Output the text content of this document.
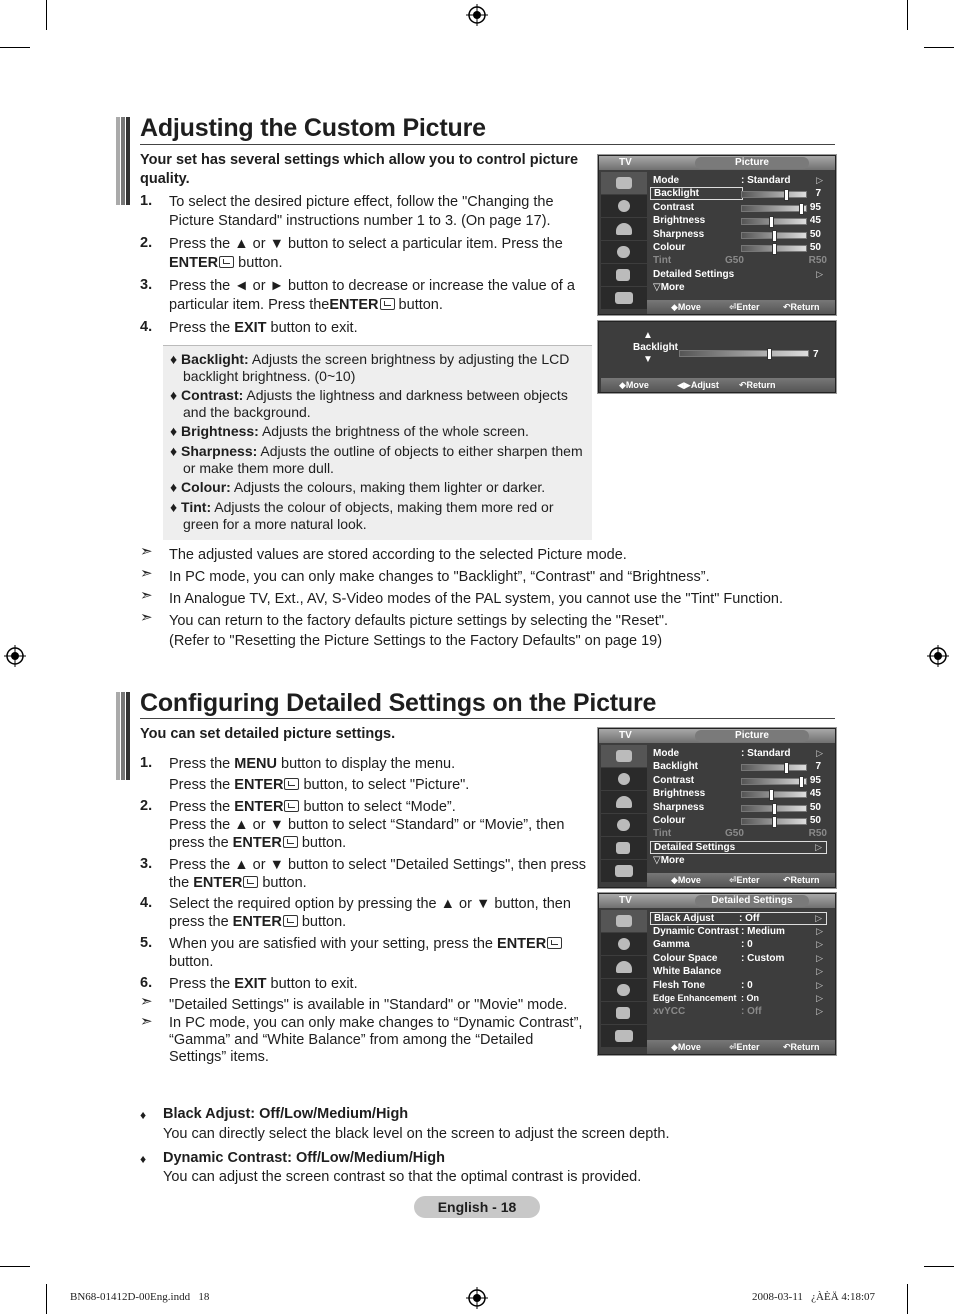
Adjusting the Custom Picture
Your set has several settings which allow you to control picture quality.
1. To select the desired picture effect, follow the "Changing the
Picture Standard" instructions number 1 to 3. (On page 17).
2. Press the ▲ or ▼ button to select a particular item. Press the
ENTER button.
3. Press the ◄ or ► button to decrease or increase the value of a
particular item. Press theENTER button.
4. Press the EXIT button to exit.
♦ Backlight: Adjusts the screen brightness by adjusting the LCD
backlight brightness. (0~10)
♦ Contrast: Adjusts the lightness and darkness between objects
and the background.
♦ Brightness: Adjusts the brightness of the whole screen.
♦ Sharpness: Adjusts the outline of objects to either sharpen them
or make them more dull.
♦ Colour: Adjusts the colours, making them lighter or darker.
♦ Tint: Adjusts the colour of objects, making them more red or
green for a more natural look.
➣ The adjusted values are stored according to the selected Picture mode.
➣ In PC mode, you can only make changes to "Backlight”, “Contrast" and “Brightness”.
➣ In Analogue TV, Ext., AV, S-Video modes of the PAL system, you cannot use the "Tint" Function.
➣ You can return to the factory defaults picture settings by selecting the "Reset".
(Refer to "Resetting the Picture Settings to the Factory Defaults" on page 19)
TV	Picture
Mode	: Standard	▷
Backlight	7
Contrast	95
Brightness	45
Sharpness	50
Colour	50
Tint	G50	R50
Detailed Settings	▷
▽More
◆ Move	⏎ Enter	↶ Return
▲
Backlight
▼	7
◆ Move	◀▶ Adjust ↶ Return
Configuring Detailed Settings on the Picture
You can set detailed picture settings.
1. Press the MENU button to display the menu.
Press the ENTER button, to select "Picture".
2. Press the ENTER button to select “Mode”.
Press the ▲ or ▼ button to select “Standard” or “Movie”, then
press the ENTER button.
3. Press the ▲ or ▼ button to select "Detailed Settings", then press
the ENTER button.
4. Select the required option by pressing the ▲ or ▼ button, then
press the ENTER button.
5. When you are satisfied with your setting, press the ENTER
button.
6. Press the EXIT button to exit.
➣ "Detailed Settings" is available in "Standard" or "Movie" mode.
➣ In PC mode, you can only make changes to “Dynamic Contrast”,
“Gamma” and “White Balance” from among the “Detailed
Settings” items.
TV	Picture
Mode	: Standard	▷
Backlight	7
Contrast	95
Brightness	45
Sharpness	50
Colour	50
Tint	G50	R50
Detailed Settings	▷
▽More
◆ Move	⏎ Enter	↶ Return
TV	Detailed Settings
Black Adjust : Off	▷
Dynamic Contrast : Medium	▷
Gamma	: 0	▷
Colour Space : Custom	▷
White Balance	▷
Flesh Tone	: 0	▷
Edge Enhancement : On	▷
xvYCC	: Off	▷
◆ Move	⏎ Enter	↶ Return
♦ Black Adjust: Off/Low/Medium/High
You can directly select the black level on the screen to adjust the screen depth.
♦ Dynamic Contrast: Off/Low/Medium/High
You can adjust the screen contrast so that the optimal contrast is provided.
English - 18
BN68-01412D-00Eng.indd   18	2008-03-11   ¿ÀÈÄ 4:18:07
